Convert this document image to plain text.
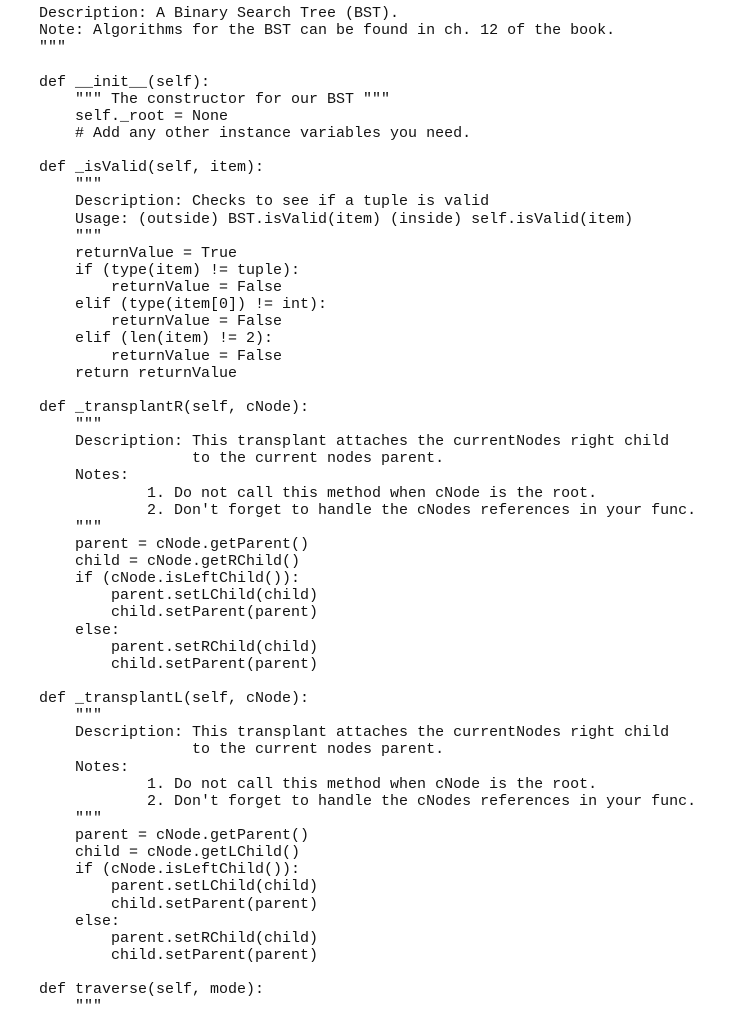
Description: A Binary Search Tree (BST).
Note: Algorithms for the BST can be found in ch. 12 of the book.
"""
def __init__(self):
""" The constructor for our BST """
self._root = None
# Add any other instance variables you need.
def _isValid(self, item):
"""
Description: Checks to see if a tuple is valid
Usage: (outside) BST.isValid(item) (inside) self.isValid(item)
"""
returnValue = True
if (type(item) != tuple):
returnValue = False
elif (type(item[0]) != int):
returnValue = False
elif (len(item) != 2):
returnValue = False
return returnValue
def _transplantR(self, cNode):
"""
Description: This transplant attaches the currentNodes right child
to the current nodes parent.
Notes:
1. Do not call this method when cNode is the root.
2. Don't forget to handle the cNodes references in your func.
"""
parent = cNode.getParent()
child = cNode.getRChild()
if (cNode.isLeftChild()):
parent.setLChild(child)
child.setParent(parent)
else:
parent.setRChild(child)
child.setParent(parent)
def _transplantL(self, cNode):
"""
Description: This transplant attaches the currentNodes right child
to the current nodes parent.
Notes:
1. Do not call this method when cNode is the root.
2. Don't forget to handle the cNodes references in your func.
"""
parent = cNode.getParent()
child = cNode.getLChild()
if (cNode.isLeftChild()):
parent.setLChild(child)
child.setParent(parent)
else:
parent.setRChild(child)
child.setParent(parent)
def traverse(self, mode):
"""
